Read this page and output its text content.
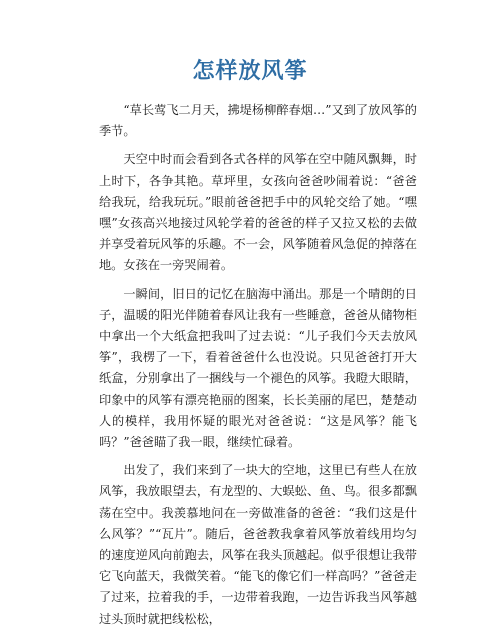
怎样放风筝

“草长莺飞二月天，拂堤杨柳醉春烟…”又到了放风筝的季节。

天空中时而会看到各式各样的风筝在空中随风飘舞，时上时下，各争其艳。草坪里，女孩向爸爸吵闹着说：“爸爸给我玩，给我玩玩。”眼前爸爸把手中的风轮交给了她。“嘿嘿”女孩高兴地接过风轮学着的爸爸的样子又拉又松的去做并享受着玩风筝的乐趣。不一会，风筝随着风急促的掉落在地。女孩在一旁哭闹着。

一瞬间，旧日的记忆在脑海中涌出。那是一个晴朗的日子，温暖的阳光伴随着春风让我有一些睡意，爸爸从储物柜中拿出一个大纸盒把我叫了过去说：“儿子我们今天去放风筝”，我楞了一下，看着爸爸什么也没说。只见爸爸打开大纸盒，分别拿出了一捆线与一个褪色的风筝。我瞪大眼睛，印象中的风筝有漂亮艳丽的图案，长长美丽的尾巴，楚楚动人的模样，我用怀疑的眼光对爸爸说：“这是风筝？能飞吗？”爸爸瞄了我一眼，继续忙碌着。

出发了，我们来到了一块大的空地，这里已有些人在放风筝，我放眼望去，有龙型的、大蜈蚣、鱼、鸟。很多都飘荡在空中。我羡慕地问在一旁做准备的爸爸：“我们这是什么风筝？”“瓦片”。随后，爸爸教我拿着风筝放着线用均匀的速度逆风向前跑去，风筝在我头顶越起。似乎很想让我带它飞向蓝天，我微笑着。“能飞的像它们一样高吗？”爸爸走了过来，拉着我的手，一边带着我跑，一边告诉我当风筝越过头顶时就把线松松，
